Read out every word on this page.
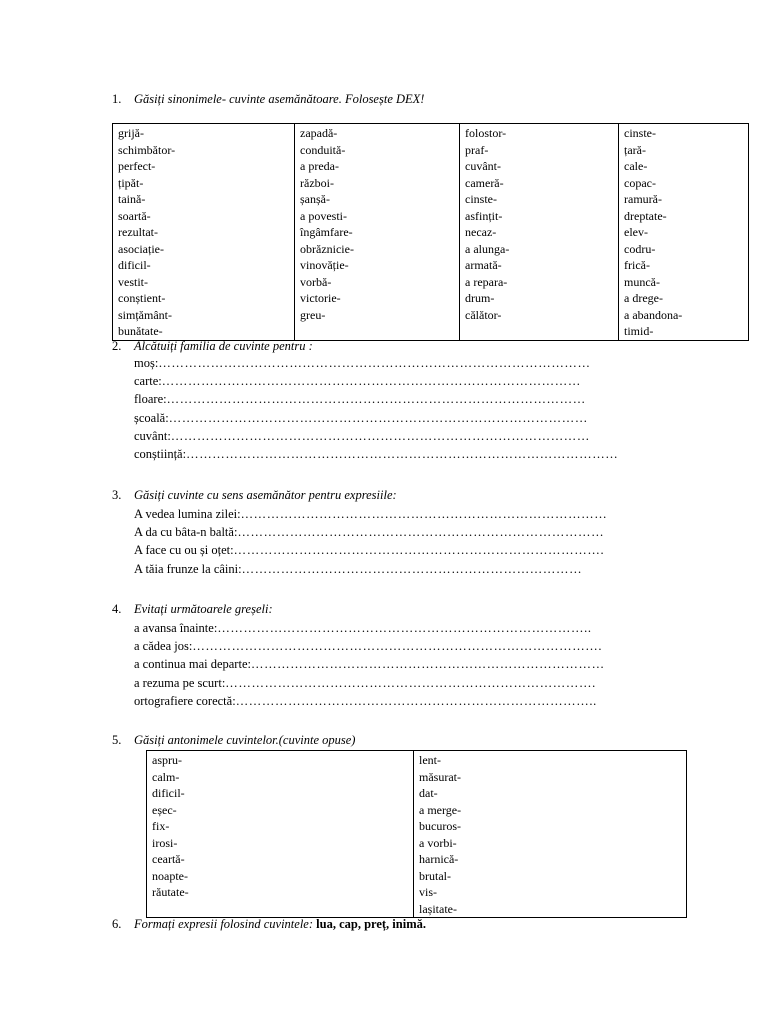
1. Găsiți sinonimele- cuvinte asemănătoare. Folosește DEX!
grijă-
schimbător-
perfect-
țipăt-
taină-
soartă-
rezultat-
asociație-
dificil-
vestit-
conștient-
simțământ-
bunătate-

zapadă-
conduită-
a preda-
război-
șanșă-
a povesti-
îngâmfare-
obrăznicie-
vinovăție-
vorbă-
victorie-
greu-

folostor-
praf-
cuvânt-
cameră-
cinste-
asfințit-
necaz-
a alunga-
armată-
a repara-
drum-
călător-

cinste-
țară-
cale-
copac-
ramură-
dreptate-
elev-
codru-
frică-
muncă-
a drege-
a abandona-
timid-
2. Alcătuiți familia de cuvinte pentru :
moș:………………………………………………………………………………………
carte:……………………………………………………………………………………
floare:……………………………………………………………………………………
școală:……………………………………………………………………………………
cuvânt:……………………………………………………………………………………
conștiință:………………………………………………………………………………………
3. Găsiți cuvinte cu sens asemănător pentru expresiile:
A vedea lumina zilei:…………………………………………………………………………
A da cu bâta-n baltă:…………………………………………………………………………
A face cu ou și oțet:………………………………………………………………………….
A tăia frunze la câini:……………………………………………………………………
4. Evitați următoarele greșeli:
a avansa înainte:…………………………………………………………………………..
a cădea jos:………………………………………………………………………………….
a continua mai departe:………………………………………………………………………
a rezuma pe scurt:………………………………………………………………………….
ortografiere corectă:………………………………………………………………………..
5. Găsiți antonimele cuvintelor.(cuvinte opuse)
aspru-
calm-
dificil-
eșec-
fix-
irosi-
ceartă-
noapte-
răutate-

lent-
măsurat-
dat-
a merge-
bucuros-
a vorbi-
harnică-
brutal-
vis-
lașitate-
6. Formați expresii folosind cuvintele: lua, cap, preț, inimă.
